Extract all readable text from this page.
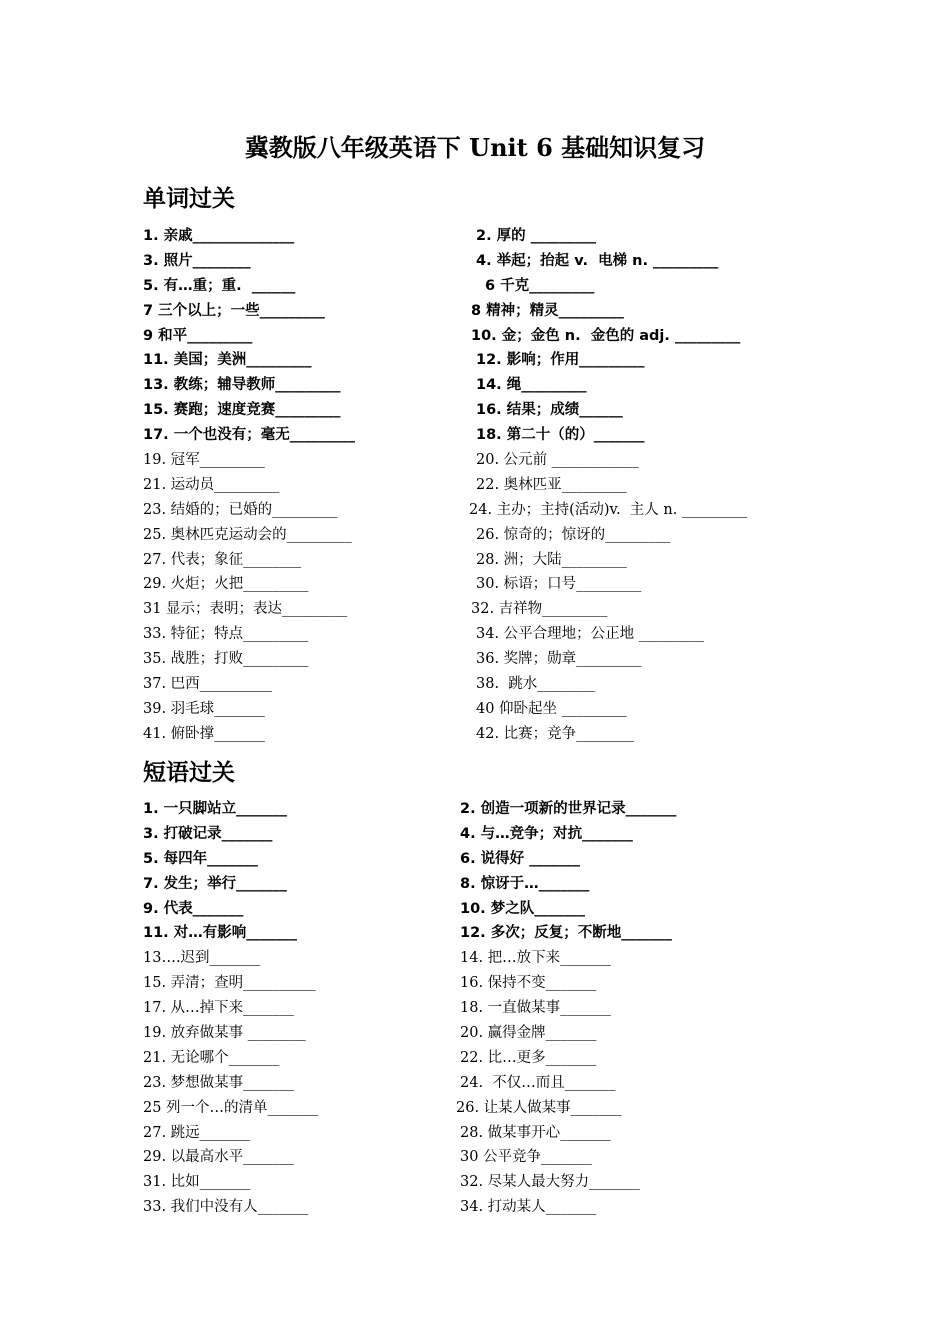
冀教版八年级英语下 Unit 6 基础知识复习
单词过关
1. 亲戚______________	2. 厚的 _________
3. 照片________	4. 举起；抬起 v.  电梯 n. _________
5. 有…重；重.  ______	6 千克_________
7 三个以上；一些_________	8 精神；精灵_________
9 和平_________	10. 金；金色 n.  金色的 adj. _________
11. 美国；美洲_________	12. 影响；作用_________
13. 教练；辅导教师_________	14. 绳_________
15. 赛跑；速度竞赛_________	16. 结果；成绩______
17. 一个也没有；毫无_________	18. 第二十（的）_______
19. 冠军_________	20. 公元前 ____________
21. 运动员_________	22. 奥林匹亚_________
23. 结婚的；已婚的_________	24. 主办；主持(活动)v.  主人 n. _________
25. 奥林匹克运动会的_________	26. 惊奇的；惊讶的_________
27. 代表；象征________	28. 洲；大陆_________
29. 火炬；火把_________	30. 标语；口号_________
31 显示；表明；表达_________	32. 吉祥物_________
33. 特征；特点_________	34. 公平合理地；公正地 _________
35. 战胜；打败_________	36. 奖牌；勋章_________
37. 巴西__________	38.  跳水________
39. 羽毛球_______	40 仰卧起坐 _________
41. 俯卧撑_______	42. 比赛；竞争________
短语过关
1. 一只脚站立_______	2. 创造一项新的世界记录_______
3. 打破记录_______	4. 与…竞争；对抗_______
5. 每四年_______	6. 说得好 _______
7. 发生；举行_______	8. 惊讶于…_______
9. 代表_______	10. 梦之队_______
11. 对…有影响_______	12. 多次；反复；不断地_______
13….迟到_______	14. 把…放下来_______
15. 弄清；查明__________	16. 保持不变_______
17. 从…掉下来_______	18. 一直做某事_______
19. 放弃做某事 ________	20. 赢得金牌_______
21. 无论哪个_______	22. 比…更多_______
23. 梦想做某事_______	24.  不仅…而且_______
25 列一个…的清单_______	26. 让某人做某事_______
27. 跳远_______	28. 做某事开心_______
29. 以最高水平_______	30 公平竞争_______
31. 比如_______	32. 尽某人最大努力_______
33. 我们中没有人_______	34. 打动某人_______
